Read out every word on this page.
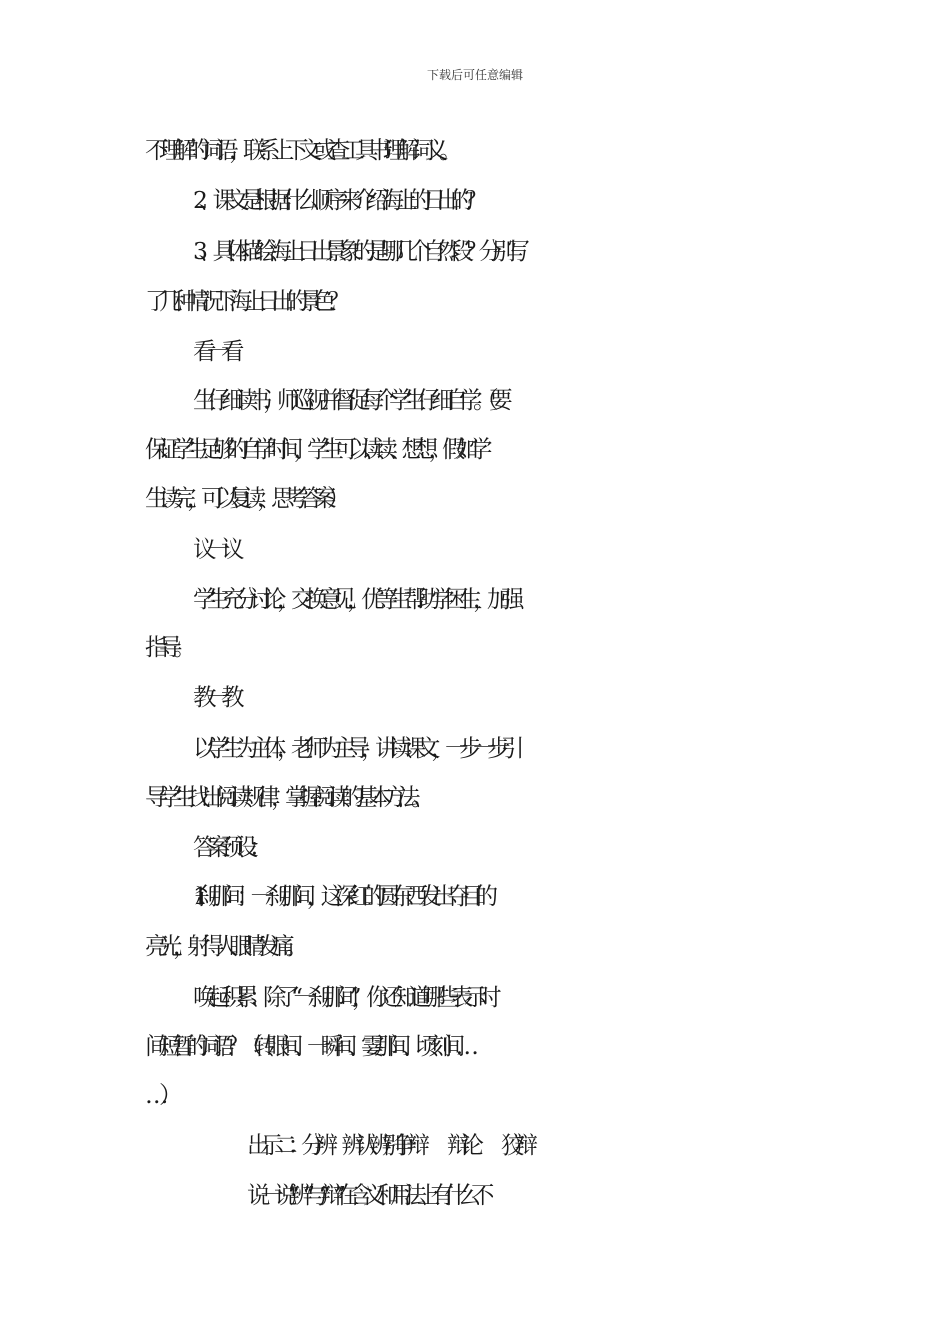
下载后可任意编辑
不理解的词语，联系上下文或查工具书理解词义。
2、课文是根据什么顺序来介绍海上的日出的？
3、具体描绘海上日出景象的是哪几个自然段？分别写
了几种情况下海上日出的景色？
看一看
生仔细读书，师巡视并督促每个学生仔细自学。（要
保证学生足够的自学时间，学生可以读读、想想，假如学
生读完，可以复读，思考答案）
议一议
学生充分讨论，交换意见，优等生帮助学困生，加强
指导。
教一教
以学生为主体，老师为主导，讲读课文，一步一步引
导学生找出阅读规律，掌握阅读的基本方法。
答案预设：
1. 刹那间：　 一刹那间，这深红的圆东西发出夺目的
亮光，射得人眼睛发痛。
唤起积累：除了“一刹那间”，你还知道哪些表示时
间短暂的词语？（转眼间、一瞬间、霎那间、顷刻间…
…）
出示二：分辨　辨认辨别 争辩　　辩论　　狡辩
说一说“辨”与“辩”在含义和用法上有什么不
